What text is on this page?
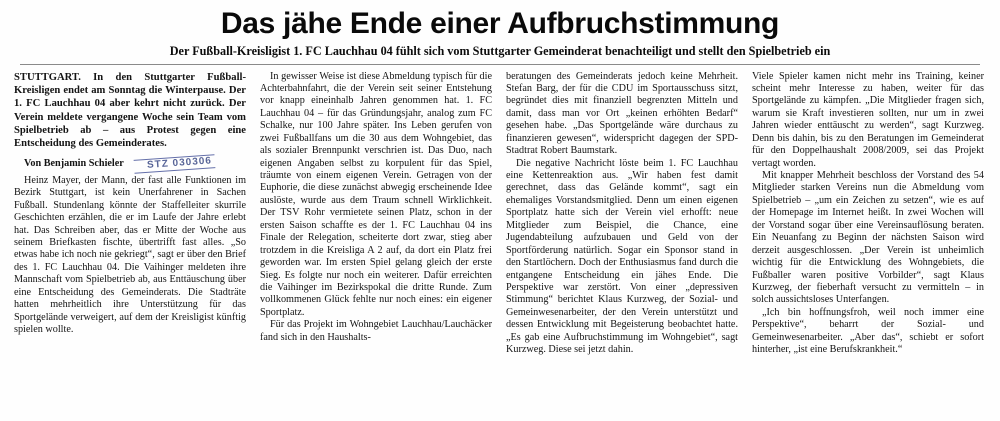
Das jähe Ende einer Aufbruchstimmung
Der Fußball-Kreisligist 1. FC Lauchhau 04 fühlt sich vom Stuttgarter Gemeinderat benachteiligt und stellt den Spielbetrieb ein

STUTTGART. In den Stuttgarter Fußball-Kreisligen endet am Sonntag die Winterpause. Der 1. FC Lauchhau 04 aber kehrt nicht zurück. Der Verein meldete vergangene Woche sein Team vom Spielbetrieb ab – aus Protest gegen eine Entscheidung des Gemeinderates.

Von Benjamin Schieler STZ 030306

Heinz Mayer, der Mann, der fast alle Funktionen im Bezirk Stuttgart, ist kein Unerfahrener in Sachen Fußball. Stundenlang könnte der Staffelleiter skurrile Geschichten erzählen, die er im Laufe der Jahre erlebt hat. Das Schreiben aber, das er Mitte der Woche aus seinem Briefkasten fischte, übertrifft fast alles. „So etwas habe ich noch nie gekriegt“, sagt er über den Brief des 1. FC Lauchhau 04. Die Vaihinger meldeten ihre Mannschaft vom Spielbetrieb ab, aus Enttäuschung über eine Entscheidung des Gemeinderats. Die Stadträte hatten mehrheitlich ihre Unterstützung für das Sportgelände verweigert, auf dem der Kreisligist künftig spielen wollte.

In gewisser Weise ist diese Abmeldung typisch für die Achterbahnfahrt, die der Verein seit seiner Entstehung vor knapp eineinhalb Jahren genommen hat. 1. FC Lauchhau 04 – für das Gründungsjahr, analog zum FC Schalke, nur 100 Jahre später. Ins Leben gerufen von zwei Fußballfans um die 30 aus dem Wohngebiet, das als sozialer Brennpunkt verschrien ist. Das Duo, nach eigenen Angaben selbst zu korpulent für das Spiel, träumte von einem eigenen Verein. Getragen von der Euphorie, die diese zunächst abwegig erscheinende Idee auslöste, wurde aus dem Traum schnell Wirklichkeit. Der TSV Rohr vermietete seinen Platz, schon in der ersten Saison schaffte es der 1. FC Lauchhau 04 ins Finale der Relegation, scheiterte dort zwar, stieg aber trotzdem in die Kreisliga A 2 auf, da dort ein Platz frei geworden war. Im ersten Spiel gelang gleich der erste Sieg. Es folgte nur noch ein weiterer. Dafür erreichten die Vaihinger im Bezirkspokal die dritte Runde. Zum vollkommenen Glück fehlte nur noch eines: ein eigener Sportplatz.

Für das Projekt im Wohngebiet Lauchhau/Lauchäcker fand sich in den Haushalts-

beratungen des Gemeinderats jedoch keine Mehrheit. Stefan Barg, der für die CDU im Sportausschuss sitzt, begründet dies mit finanziell begrenzten Mitteln und damit, dass man vor Ort „keinen erhöhten Bedarf“ gesehen habe. „Das Sportgelände wäre durchaus zu finanzieren gewesen“, widerspricht dagegen der SPD-Stadtrat Robert Baumstark.

Die negative Nachricht löste beim 1. FC Lauchhau eine Kettenreaktion aus. „Wir haben fest damit gerechnet, dass das Gelände kommt“, sagt ein ehemaliges Vorstandsmitglied. Denn um einen eigenen Sportplatz hatte sich der Verein viel erhofft: neue Mitglieder zum Beispiel, die Chance, eine Jugendabteilung aufzubauen und Geld von der Sportförderung natürlich. Sogar ein Sponsor stand in den Startlöchern. Doch der Enthusiasmus fand durch die entgangene Entscheidung ein jähes Ende. Die Perspektive war zerstört. Von einer „depressiven Stimmung“ berichtet Klaus Kurzweg, der Sozial- und Gemeinwesenarbeiter, der den Verein unterstützt und dessen Entwicklung mit Begeisterung beobachtet hatte. „Es gab eine Aufbruchstimmung im Wohngebiet“, sagt Kurzweg. Diese sei jetzt dahin.

Viele Spieler kamen nicht mehr ins Training, keiner scheint mehr Interesse zu haben, weiter für das Sportgelände zu kämpfen. „Die Mitglieder fragen sich, warum sie Kraft investieren sollten, nur um in zwei Jahren wieder enttäuscht zu werden“, sagt Kurzweg. Denn bis dahin, bis zu den Beratungen im Gemeinderat für den Doppelhaushalt 2008/2009, sei das Projekt vertagt worden.

Mit knapper Mehrheit beschloss der Vorstand des 54 Mitglieder starken Vereins nun die Abmeldung vom Spielbetrieb – „um ein Zeichen zu setzen“, wie es auf der Homepage im Internet heißt. In zwei Wochen will der Vorstand sogar über eine Vereinsauflösung beraten. Ein Neuanfang zu Beginn der nächsten Saison wird derzeit ausgeschlossen. „Der Verein ist unheimlich wichtig für die Entwicklung des Wohngebiets, die Fußballer waren positive Vorbilder“, sagt Klaus Kurzweg, der fieberhaft versucht zu vermitteln – in solch aussichtsloses Unterfangen.

„Ich bin hoffnungsfroh, weil noch immer eine Perspektive“, beharrt der Sozial- und Gemeinwesenarbeiter. „Aber das“, schiebt er sofort hinterher, „ist eine Berufskrankheit.“
